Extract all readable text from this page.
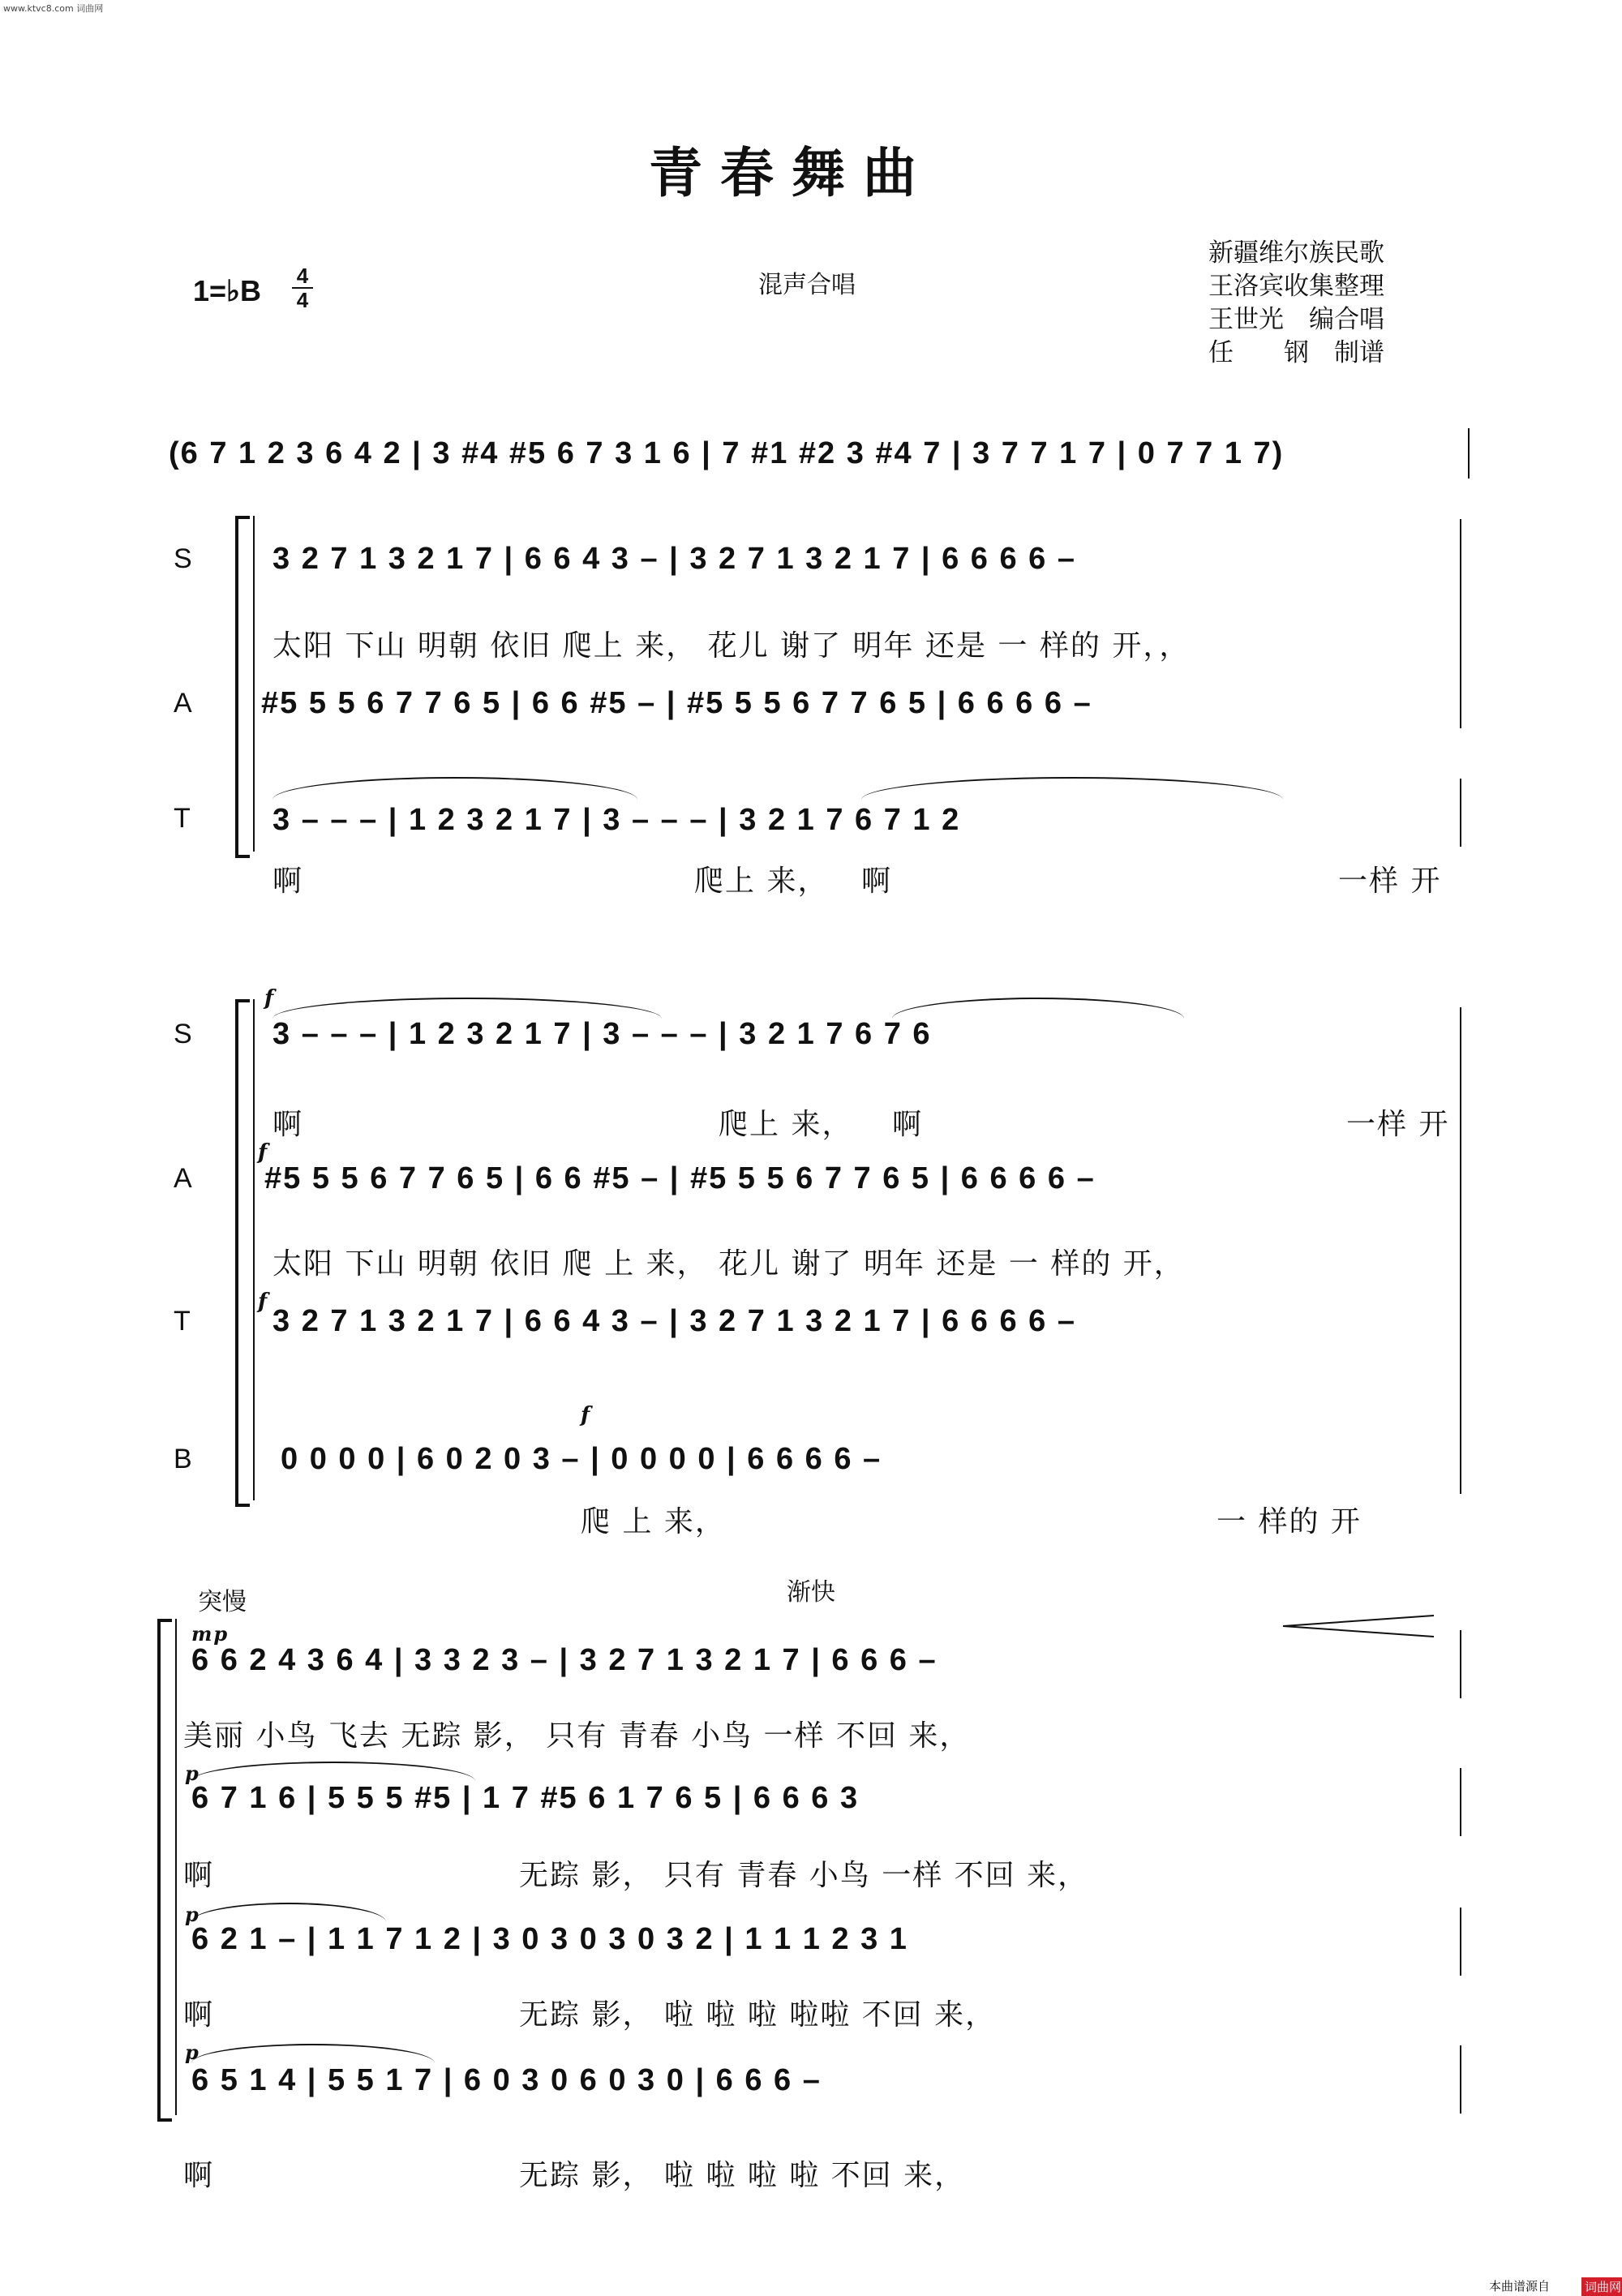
www.ktvc8.com 词曲网
青春舞曲
1=♭B 4
4
混声合唱
新疆维尔族民歌
王洛宾收集整理
王世光　编合唱
任　　钢　制谱
(6 7 1 2 3 6 4 2 | 3 #4 #5 6 7 3 1 6 | 7 #1 #2 3 #4 7 | 3 7 7 1 7 | 0 7 7 1 7)
S
A
T
3 2 7 1 3 2 1 7 | 6 6 4 3 – | 3 2 7 1 3 2 1 7 | 6 6 6 6 –
太阳 下山 明朝 依旧 爬上 来， 花儿 谢了 明年 还是 一 样的 开，，
#5 5 5 6 7 7 6 5 | 6 6 #5 – | #5 5 5 6 7 7 6 5 | 6 6 6 6 –
3 – – – | 1 2 3 2 1 7 | 3 – – – | 3 2 1 7 6 7 1 2
啊	爬上 来， 啊	一样 开
S
A
T
B
f
3 – – – | 1 2 3 2 1 7 | 3 – – – | 3 2 1 7 6 7 6
啊	爬上 来， 啊	一样 开
f
#5 5 5 6 7 7 6 5 | 6 6 #5 – | #5 5 5 6 7 7 6 5 | 6 6 6 6 –
太阳 下山 明朝 依旧 爬 上 来， 花儿 谢了 明年 还是 一 样的 开，
f
3 2 7 1 3 2 1 7 | 6 6 4 3 – | 3 2 7 1 3 2 1 7 | 6 6 6 6 –
f
0 0 0 0 | 6 0 2 0 3 – | 0 0 0 0 | 6 6 6 6 –
爬 上 来，	一 样的 开
突慢	渐快
mp
6 6 2 4 3 6 4 | 3 3 2 3 – | 3 2 7 1 3 2 1 7 | 6 6 6 –
美丽 小鸟 飞去 无踪 影， 只有 青春 小鸟 一样 不回 来，
p
6 7 1 6 | 5 5 5 #5 | 1 7 #5 6 1 7 6 5 | 6 6 6 3
啊	无踪 影， 只有 青春 小鸟 一样 不回 来，
p
6 2 1 – | 1 1 7 1 2 | 3 0 3 0 3 0 3 2 | 1 1 1 2 3 1
啊	无踪 影， 啦 啦 啦 啦啦 不回 来，
p
6 5 1 4 | 5 5 1 7 | 6 0 3 0 6 0 3 0 | 6 6 6 –
啊	无踪 影， 啦 啦 啦 啦 不回 来，
本曲谱源自	词曲网
